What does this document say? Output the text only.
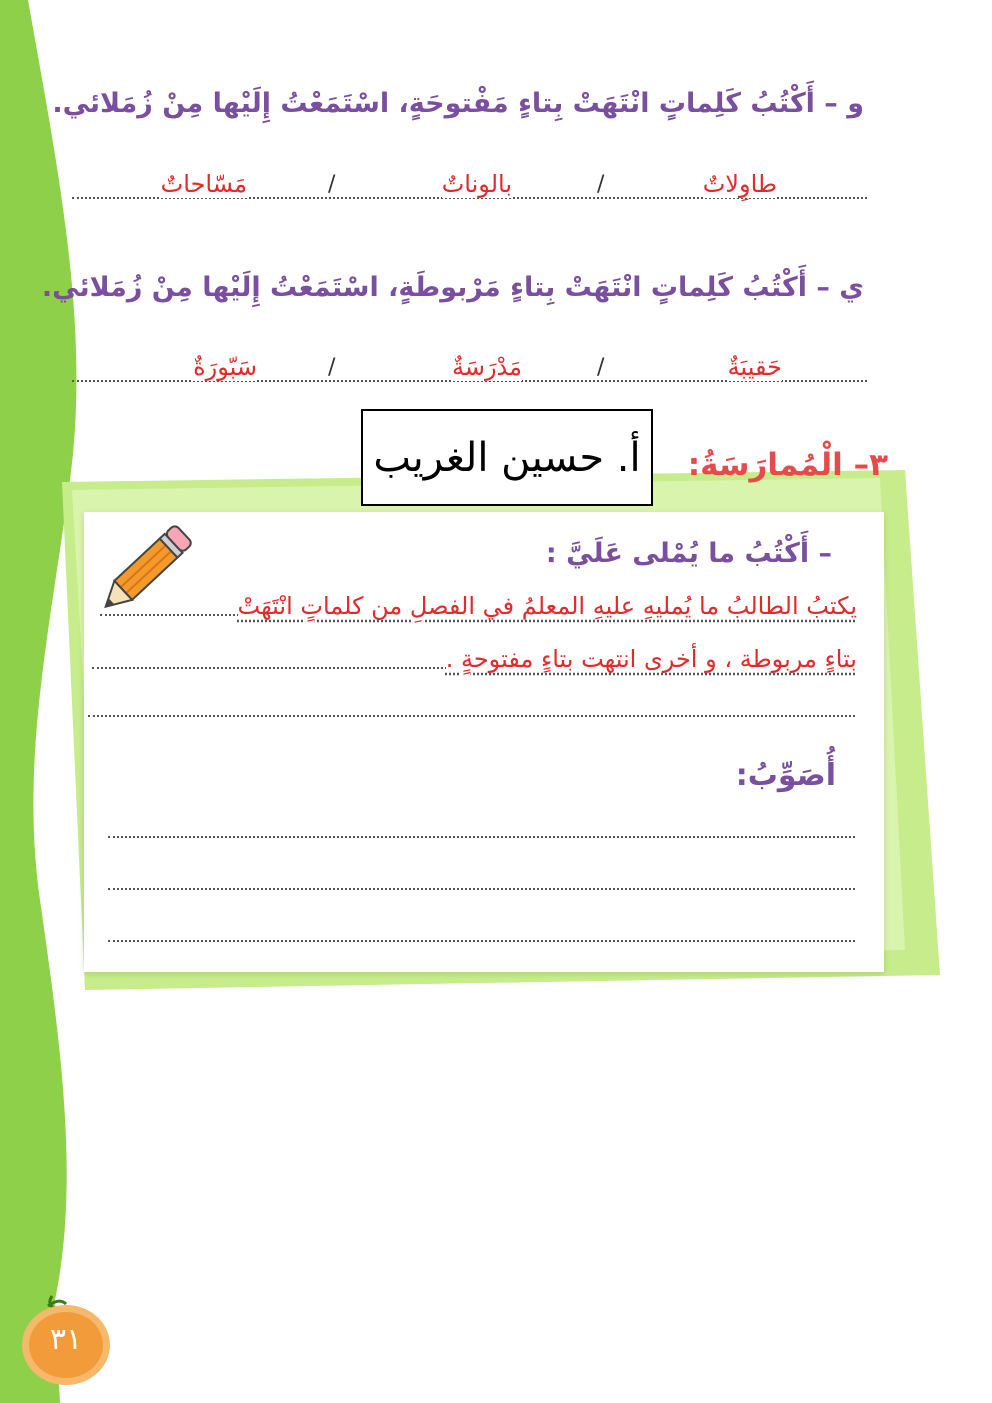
و – أَكْتُبُ كَلِماتٍ انْتَهَتْ بِتاءٍ مَفْتوحَةٍ، اسْتَمَعْتُ إِلَيْها مِنْ زُمَلائي.
طاوِلاتٌ
/
بالوناتٌ
/
مَسّاحاتٌ
ي – أَكْتُبُ كَلِماتٍ انْتَهَتْ بِتاءٍ مَرْبوطَةٍ، اسْتَمَعْتُ إِلَيْها مِنْ زُمَلائي.
حَقيبَةٌ
/
مَدْرَسَةٌ
/
سَبّورَةٌ
أ. حسين الغريب ٣– الْمُمارَسَةُ:
– أَكْتُبُ ما يُمْلى عَلَيَّ :
يكتبُ الطالبُ ما يُمليهِ عليهِ المعلمُ في الفصلِ من كلماتٍ انْتَهَتْ
بتاءٍ مربوطة ، و أخرى انتهت بتاءٍ مفتوحةٍ .
أُصَوِّبُ:
٣١
